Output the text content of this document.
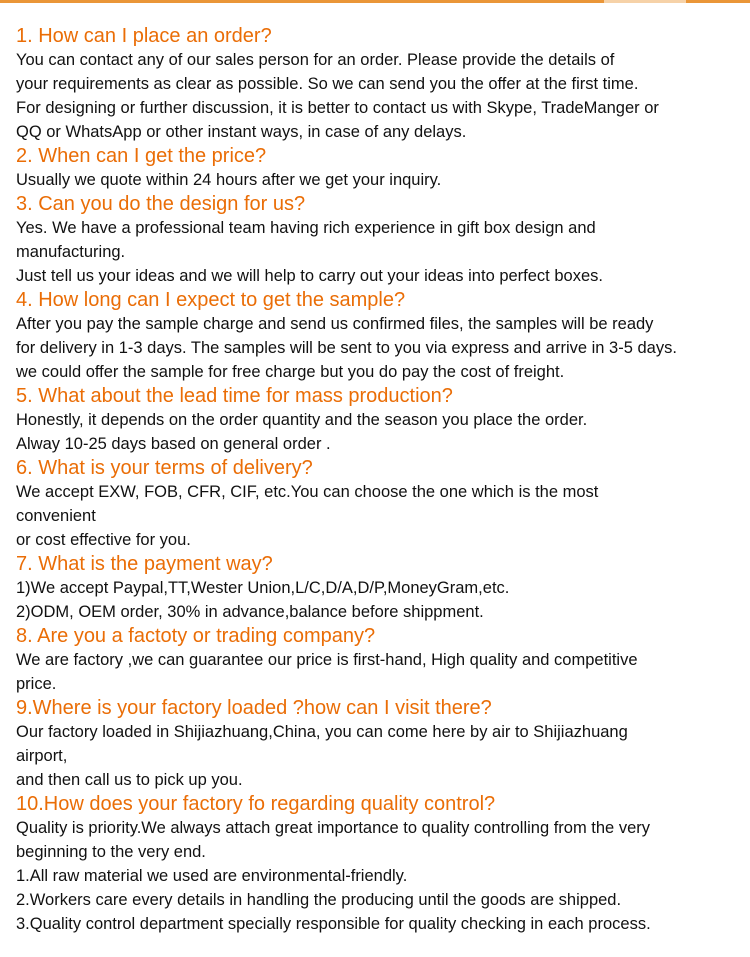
1. How can I place an order?
You can contact any of our sales person for an order. Please provide the details of
your requirements as clear as possible. So we can send you the offer at the first time.
For designing or further discussion, it is better to contact us with Skype, TradeManger or
QQ or WhatsApp or other instant ways, in case of any delays.
2. When can I get the price?
Usually we quote within 24 hours after we get your inquiry.
3. Can you do the design for us?
Yes. We have a professional team having rich experience in gift box design and
manufacturing.
Just tell us your ideas and we will help to carry out your ideas into perfect boxes.
4. How long can I expect to get the sample?
After you pay the sample charge and send us confirmed files, the samples will be ready
for delivery in 1-3 days. The samples will be sent to you via express and arrive in 3-5 days.
we could offer the sample for free charge but you do pay the cost of freight.
5. What about the lead time for mass production?
Honestly, it depends on the order quantity and the season you place the order.
Alway 10-25 days based on general order .
6. What is your terms of delivery?
We accept EXW, FOB, CFR, CIF, etc.You can choose the one which is the most
convenient
or cost effective for you.
7. What is the payment way?
1)We accept Paypal,TT,Wester Union,L/C,D/A,D/P,MoneyGram,etc.
2)ODM, OEM order, 30% in advance,balance before shippment.
8. Are you a factoty or trading company?
We are factory ,we can guarantee our price is first-hand, High quality and competitive
price.
9.Where is your factory loaded ?how can I visit there?
Our factory loaded in Shijiazhuang,China, you can come here by air to Shijiazhuang
airport,
and then call us to pick up you.
10.How does your factory fo regarding quality control?
Quality is priority.We always attach great importance to quality controlling from the very
beginning to the very end.
1.All raw material we used are environmental-friendly.
2.Workers care every details in handling the producing until the goods are shipped.
3.Quality control department specially responsible for quality checking in each process.
